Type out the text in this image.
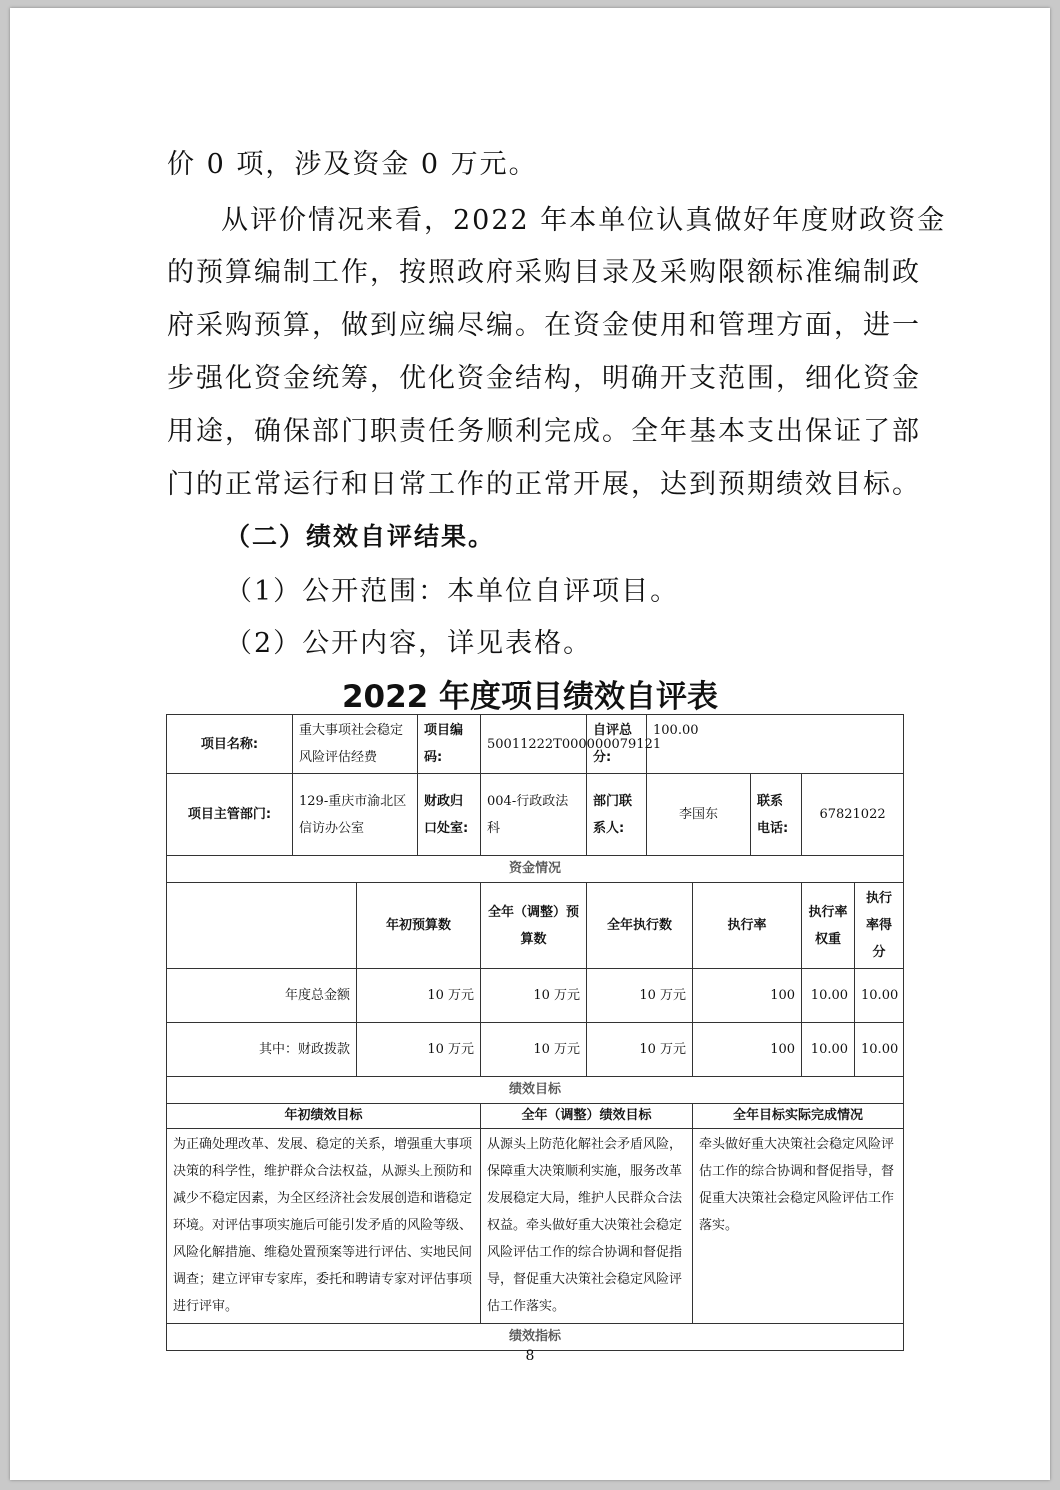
价 0 项，涉及资金 0 万元。

从评价情况来看，2022 年本单位认真做好年度财政资金

的预算编制工作，按照政府采购目录及采购限额标准编制政

府采购预算，做到应编尽编。在资金使用和管理方面，进一

步强化资金统筹，优化资金结构，明确开支范围，细化资金

用途，确保部门职责任务顺利完成。全年基本支出保证了部

门的正常运行和日常工作的正常开展，达到预期绩效目标。

（二）绩效自评结果。

（1）公开范围：本单位自评项目。

（2）公开内容，详见表格。

2022 年度项目绩效自评表
项目名称:	重大事项社会稳定风险评估经费		项目编码:	50011222T000000079121	自评总分:	100.00				
项目主管部门:	129-重庆市渝北区信访办公室		财政归口处室:	004-行政政法科	部门联系人:	李国东		联系电话:	67821022	
资金情况										
		年初预算数		全年（调整）预算数	全年执行数		执行率		执行率权重	执行率得分
年度总金额		10 万元		10 万元	10 万元		100		10.00	10.00
其中：财政拨款		10 万元		10 万元	10 万元		100		10.00	10.00
绩效目标										
年初绩效目标				全年（调整）绩效目标			全年目标实际完成情况			
为正确处理改革、发展、稳定的关系，增强重大事项决策的科学性，维护群众合法权益，从源头上预防和减少不稳定因素，为全区经济社会发展创造和谐稳定环境。对评估事项实施后可能引发矛盾的风险等级、风险化解措施、维稳处置预案等进行评估、实地民间调查；建立评审专家库，委托和聘请专家对评估事项进行评审。				从源头上防范化解社会矛盾风险，保障重大决策顺利实施，服务改革发展稳定大局，维护人民群众合法权益。牵头做好重大决策社会稳定风险评估工作的综合协调和督促指导，督促重大决策社会稳定风险评估工作落实。			牵头做好重大决策社会稳定风险评估工作的综合协调和督促指导，督促重大决策社会稳定风险评估工作落实。			
绩效指标										
8
